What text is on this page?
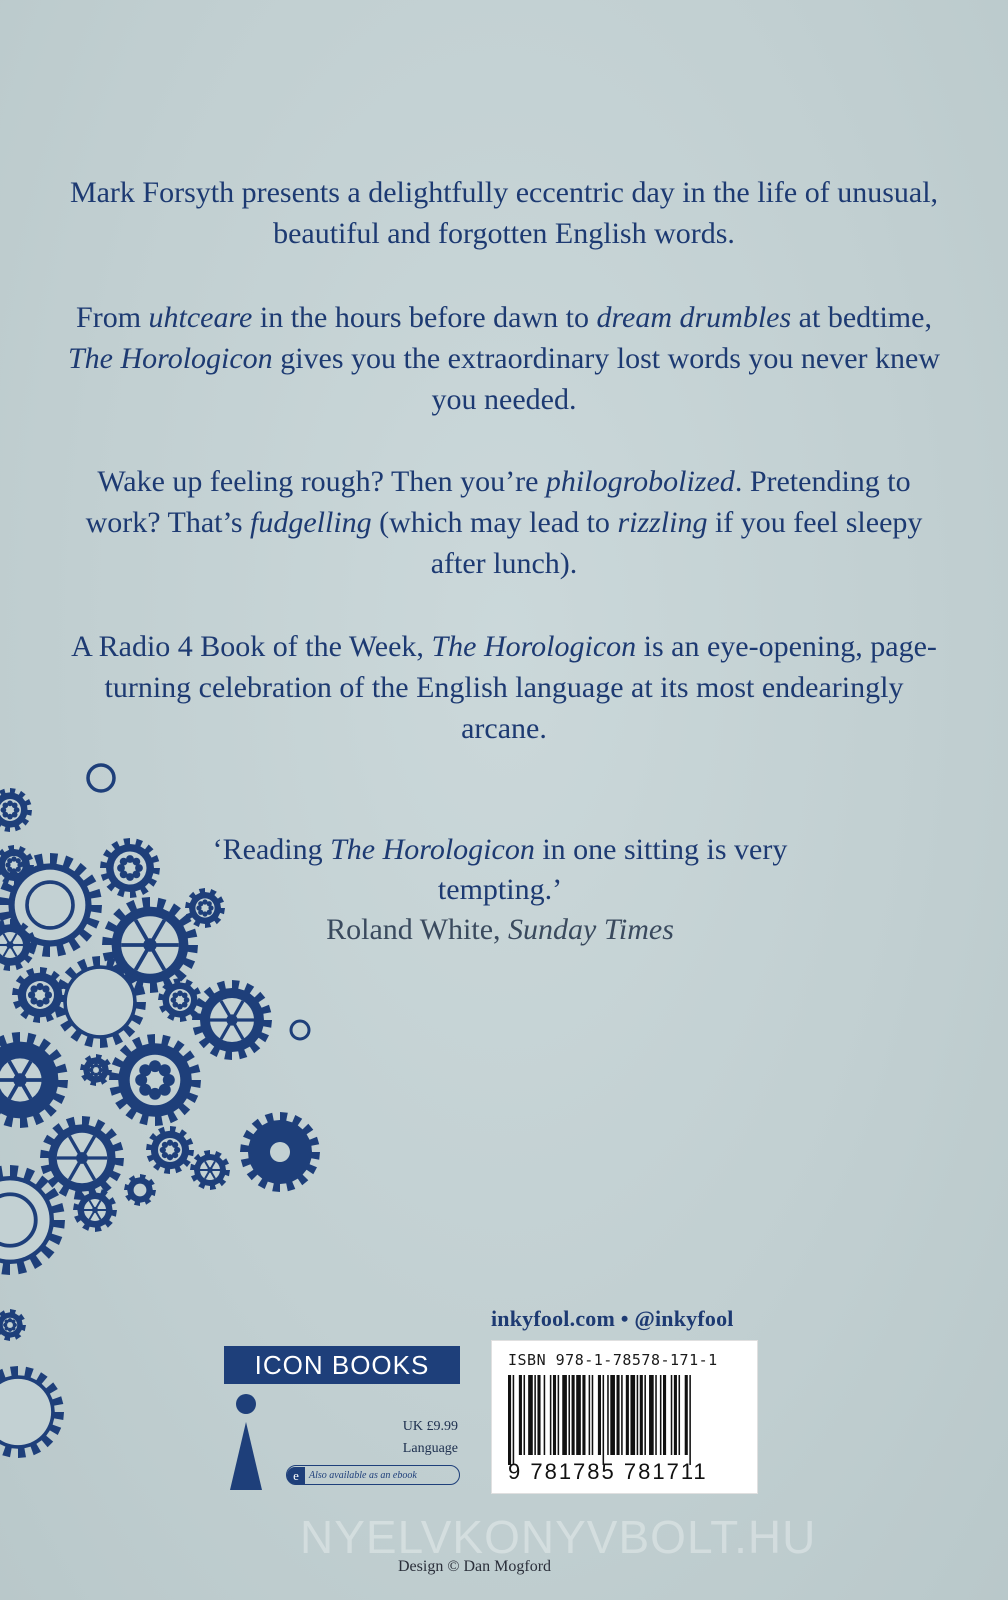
Mark Forsyth presents a delightfully eccentric day in the life of unusual, beautiful and forgotten English words.

From uhtceare in the hours before dawn to dream drumbles at bedtime, The Horologicon gives you the extraordinary lost words you never knew you needed.

Wake up feeling rough? Then you’re philogrobolized. Pretending to work? That’s fudgelling (which may lead to rizzling if you feel sleepy after lunch).

A Radio 4 Book of the Week, The Horologicon is an eye-opening, page-turning celebration of the English language at its most endearingly arcane.

‘Reading The Horologicon in one sitting is very tempting.’

Roland White, Sunday Times

inkyfool.com • @inkyfool
ICON BOOKS
UK £9.99
Language
e	Also available as an ebook
ISBN 978-1-78578-171-1
9 781785 781711
NYELVKONYVBOLT.HU
Design © Dan Mogford
